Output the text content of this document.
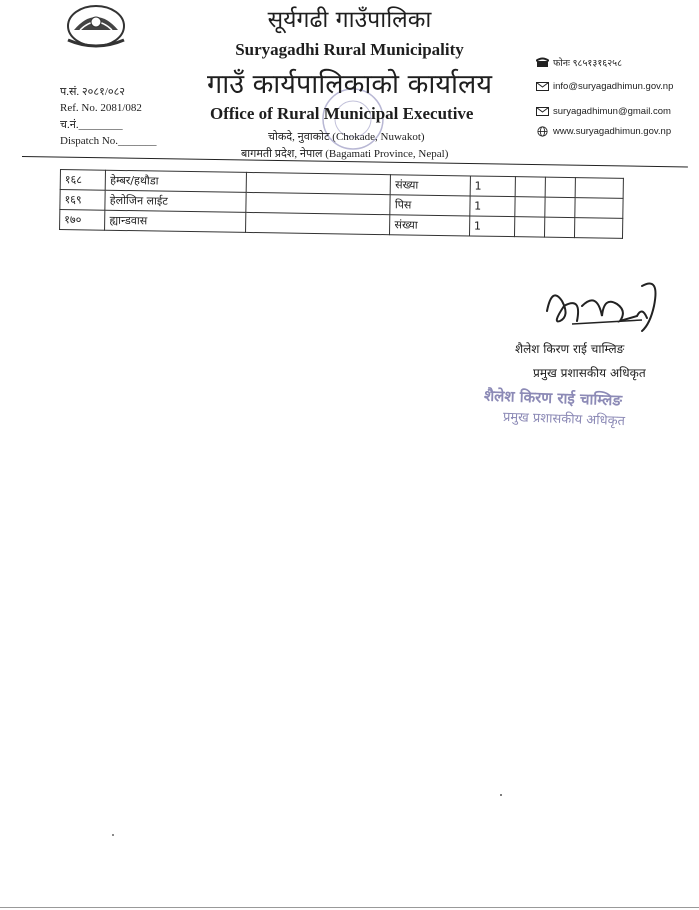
सूर्यगढी गाउँपालिका
Suryagadhi Rural Municipality
गाउँ कार्यपालिकाको कार्यालय
Office of Rural Municipal Executive
चोकदे, नुवाकोट (Chokade, Nuwakot)
बागमती प्रदेश, नेपाल (Bagamati Province, Nepal)
प.सं. २०८१/०८२
Ref. No. 2081/082
च.नं.________
Dispatch No._______
फोनः ९८५१३१६२५८
info@suryagadhimun.gov.np
suryagadhimun@gmail.com
www.suryagadhimun.gov.np
१६८	हेम्बर/हथौडा		संख्या	1			
१६९	हेलोजिन लाईट		पिस	1			
१७०	ह्यान्डवास		संख्या	1			
शैलेश किरण राई चाम्लिङ
प्रमुख प्रशासकीय अधिकृत
शैलेश किरण राई चाम्लिङ
प्रमुख प्रशासकीय अधिकृत
